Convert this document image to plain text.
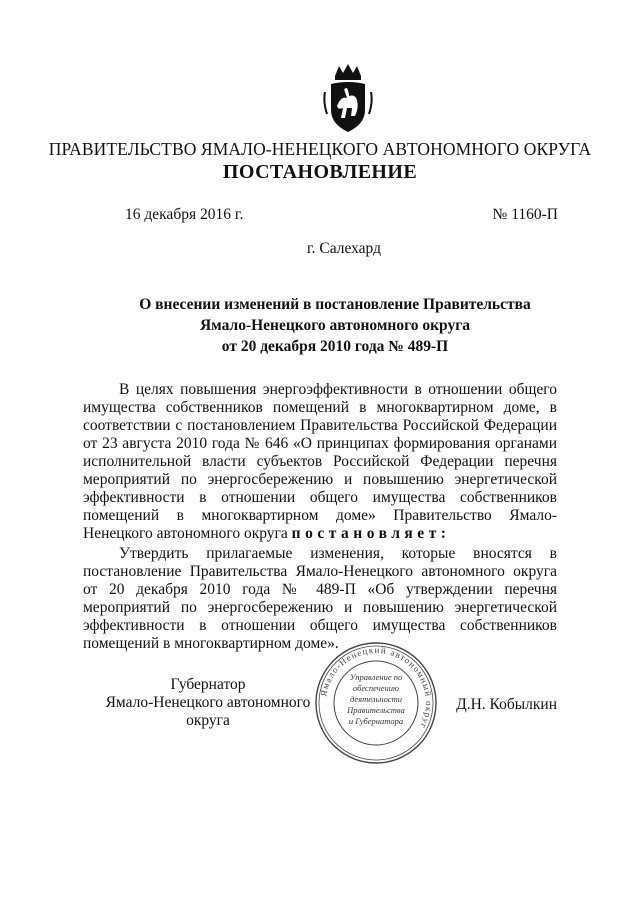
ПРАВИТЕЛЬСТВО ЯМАЛО-НЕНЕЦКОГО АВТОНОМНОГО ОКРУГА
ПОСТАНОВЛЕНИЕ
16 декабря 2016 г.	№ 1160-П
г. Салехард
О внесении изменений в постановление Правительства
Ямало-Ненецкого автономного округа
от 20 декабря 2010 года № 489-П

В целях повышения энергоэффективности в отношении общего имущества собственников помещений в многоквартирном доме, в соответствии с постановлением Правительства Российской Федерации от 23 августа 2010 года № 646 «О принципах формирования органами исполнительной власти субъектов Российской Федерации перечня мероприятий по энергосбережению и повышению энергетической эффективности в отношении общего имущества собственников помещений в многоквартирном доме» Правительство Ямало-Ненецкого автономного округа постановляет:

Утвердить прилагаемые изменения, которые вносятся в постановление Правительства Ямало-Ненецкого автономного округа от 20 декабря 2010 года № 489-П «Об утверждении перечня мероприятий по энергосбережению и повышению энергетической эффективности в отношении общего имущества собственников помещений в многоквартирном доме».

Губернатор
Ямало-Ненецкого автономного округа
Ямало-Ненецкий автономный округ
Управление по
обеспечению
деятельности
Правительства
и Губернатора
Д.Н. Кобылкин
